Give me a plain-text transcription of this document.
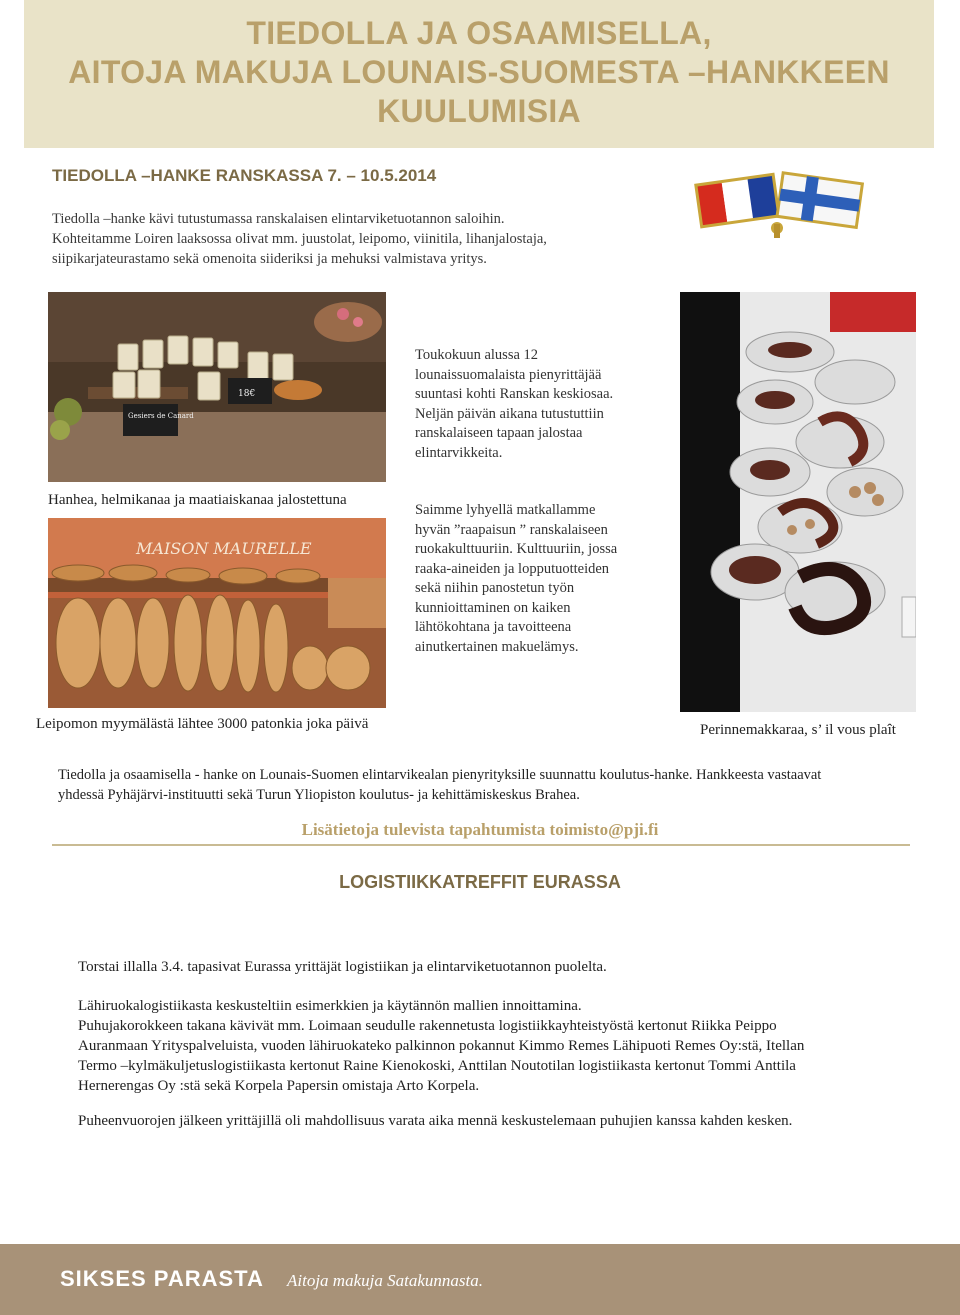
TIEDOLLA JA OSAAMISELLA,
AITOJA MAKUJA LOUNAIS-SUOMESTA –HANKKEEN
KUULUMISIA
TIEDOLLA –HANKE RANSKASSA 7. – 10.5.2014
Tiedolla –hanke kävi tutustumassa ranskalaisen elintarviketuotannon saloihin.
Kohteitamme Loiren laaksossa olivat mm. juustolat, leipomo, viinitila, lihanjalostaja,
siipikarjateurastamo sekä omenoita siideriksi ja mehuksi valmistava yritys.
Gesiers de Canard
18€
Hanhea, helmikanaa ja maatiaiskanaa jalostettuna
MAISON MAURELLE
Leipomon myymälästä lähtee 3000 patonkia joka päivä	Perinnemakkaraa, s’ il vous plaît
Toukokuun alussa 12
lounaissuomalaista pienyrittäjää
suuntasi kohti Ranskan keskiosaa.
Neljän päivän aikana tutustuttiin
ranskalaiseen tapaan jalostaa
elintarvikkeita.
Saimme lyhyellä matkallamme
hyvän ”raapaisun ” ranskalaiseen
ruokakulttuuriin. Kulttuuriin, jossa
raaka-aineiden ja lopputuotteiden
sekä niihin panostetun työn
kunnioittaminen on kaiken
lähtökohtana ja tavoitteena
ainutkertainen makuelämys.
Tiedolla ja osaamisella - hanke on Lounais-Suomen elintarvikealan pienyrityksille suunnattu koulutus-hanke. Hankkeesta vastaavat
yhdessä Pyhäjärvi-instituutti sekä Turun Yliopiston koulutus- ja kehittämiskeskus Brahea.
Lisätietoja tulevista tapahtumista toimisto@pji.fi
LOGISTIIKKATREFFIT EURASSA
Torstai illalla 3.4. tapasivat Eurassa yrittäjät logistiikan ja elintarviketuotannon puolelta.
Lähiruokalogistiikasta keskusteltiin esimerkkien ja käytännön mallien innoittamina.
Puhujakorokkeen takana kävivät mm. Loimaan seudulle rakennetusta logistiikkayhteistyöstä kertonut Riikka Peippo
Auranmaan Yrityspalveluista, vuoden lähiruokateko palkinnon pokannut Kimmo Remes Lähipuoti Remes Oy:stä, Itellan
Termo –kylmäkuljetuslogistiikasta kertonut Raine Kienokoski, Anttilan Noutotilan logistiikasta kertonut Tommi Anttila
Hernerengas Oy :stä sekä Korpela Papersin omistaja Arto Korpela.
Puheenvuorojen jälkeen yrittäjillä oli mahdollisuus varata aika mennä keskustelemaan puhujien kanssa kahden kesken.
SIKSES PARASTA Aitoja makuja Satakunnasta.
